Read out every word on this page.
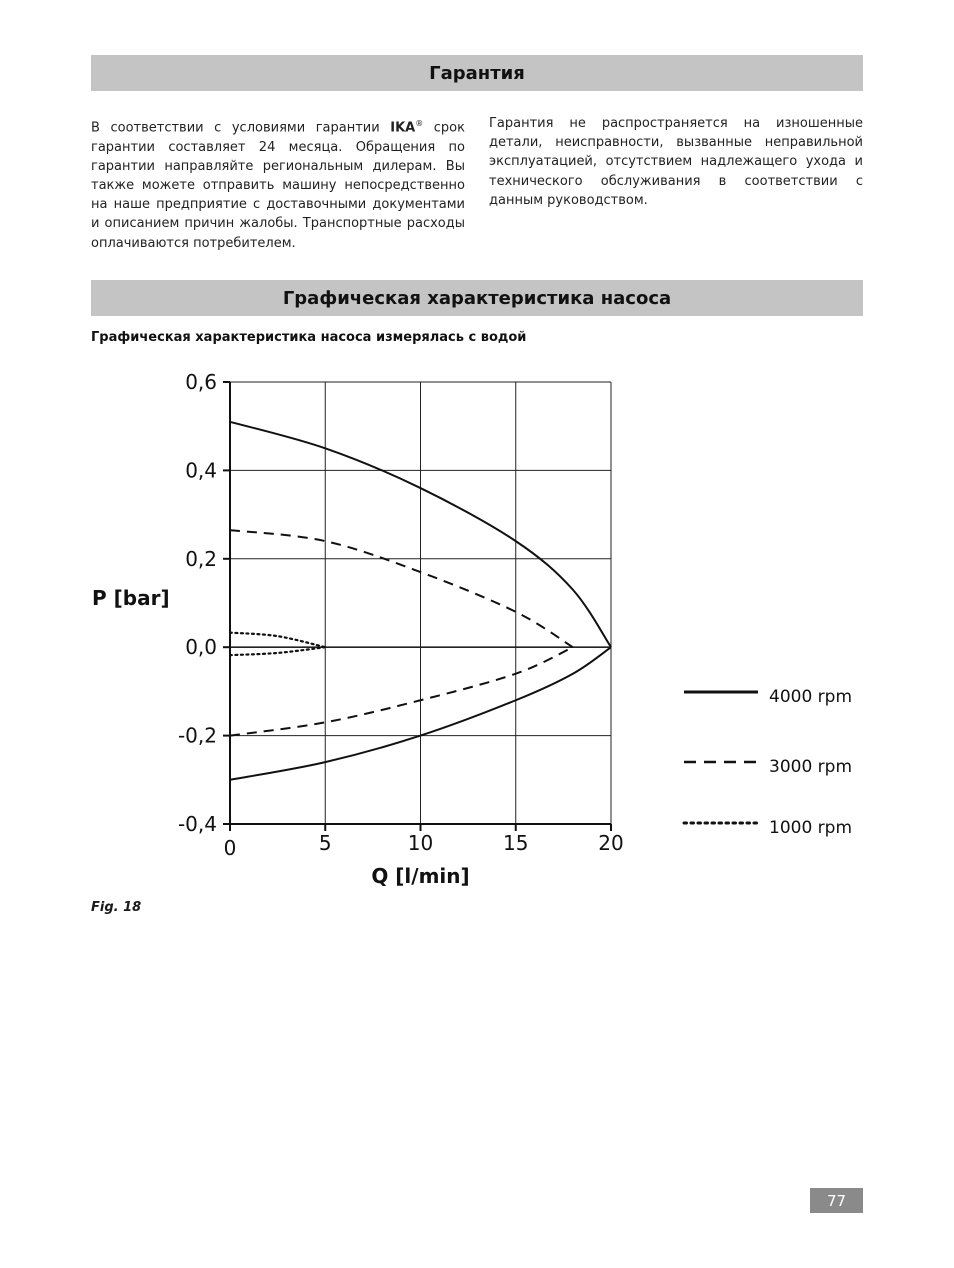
Гарантия
В соответствии с условиями гарантии IKA® срок гарантии составляет 24 месяца. Обращения по гарантии направляйте региональным дилерам. Вы также можете отправить машину непосредственно на наше предприятие с доставочными документами и описанием причин жалобы. Транспортные расходы оплачиваются потребителем.
Гарантия не распространяется на изношенные детали, неисправности, вызванные неправильной эксплуатацией, отсутствием надлежащего ухода и технического обслуживания в соответствии с данным руководством.
Графическая характеристика насоса
Графическая характеристика насоса измерялась с водой
0,6
0,4
0,2
0,0
-0,2
-0,4
0	5	10	15	20
Q [l/min]
P [bar]
4000 rpm
3000 rpm
1000 rpm
Fig. 18
77
